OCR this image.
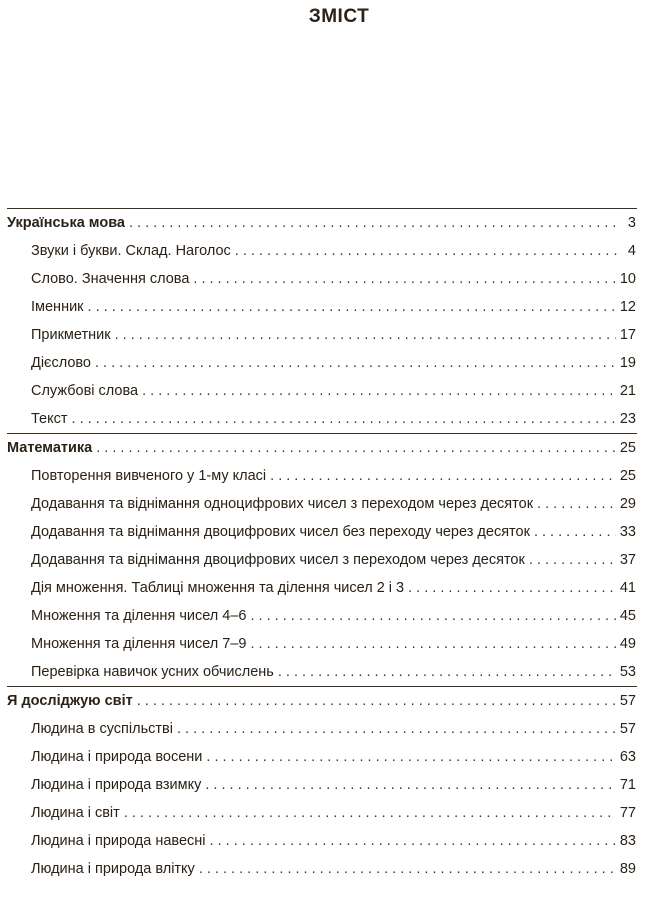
ЗМІСТ
Українська мова . . .	3
Звуки і букви. Склад. Наголос . . .	4
Слово. Значення слова . . .	10
Іменник . . .	12
Прикметник . . .	17
Дієслово . . .	19
Службові слова . . .	21
Текст . . .	23
Математика . . .	25
Повторення вивченого у 1-му класі . . .	25
Додавання та віднімання одноцифрових чисел з переходом через десяток . . .	29
Додавання та віднімання двоцифрових чисел без переходу через десяток . . .	33
Додавання та віднімання двоцифрових чисел з переходом через десяток . . .	37
Дія множення. Таблиці множення та ділення чисел 2 і 3 . . .	41
Множення та ділення чисел 4–6 . . .	45
Множення та ділення чисел 7–9 . . .	49
Перевірка навичок усних обчислень . . .	53
Я досліджую світ . . .	57
Людина в суспільстві . . .	57
Людина і природа восени . . .	63
Людина і природа взимку . . .	71
Людина і світ . . .	77
Людина і природа навесні . . .	83
Людина і природа влітку . . .	89
